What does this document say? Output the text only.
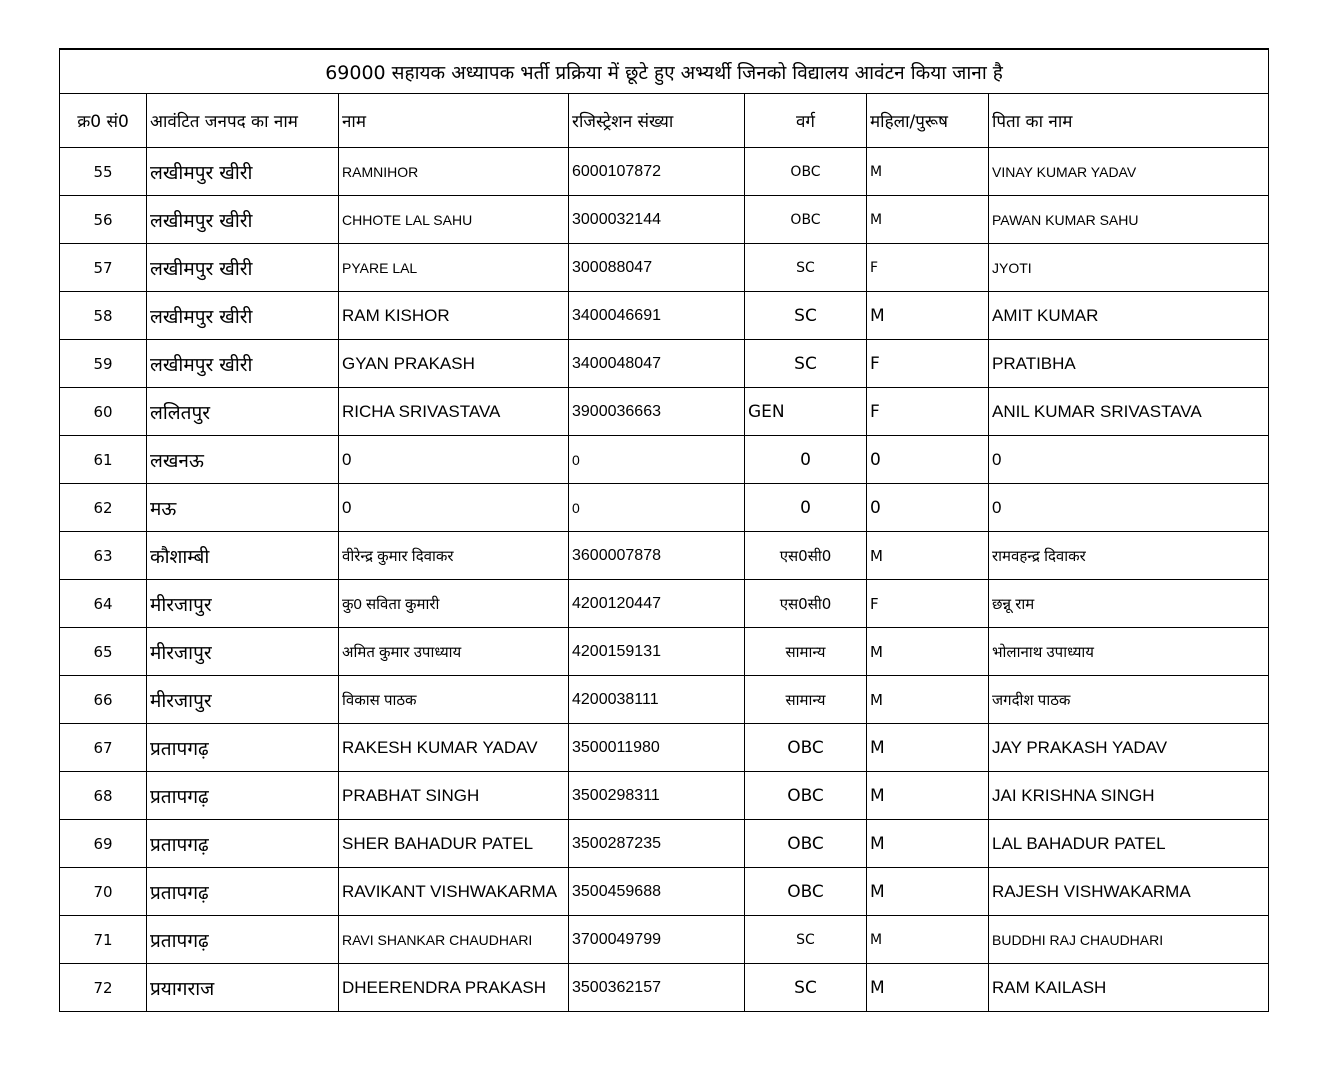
69000 सहायक अध्यापक भर्ती प्रक्रिया में छूटे हुए अभ्यर्थी जिनको विद्यालय आवंटन किया जाना है						
क्र0 सं0	आवंटित जनपद का नाम	नाम	रजिस्ट्रेशन संख्या	वर्ग	महिला/पुरूष	पिता का नाम
55	लखीमपुर खीरी	RAMNIHOR	6000107872	OBC	M	VINAY KUMAR YADAV
56	लखीमपुर खीरी	CHHOTE LAL SAHU	3000032144	OBC	M	PAWAN KUMAR SAHU
57	लखीमपुर खीरी	PYARE LAL	300088047	SC	F	JYOTI
58	लखीमपुर खीरी	RAM KISHOR	3400046691	SC	M	AMIT KUMAR
59	लखीमपुर खीरी	GYAN PRAKASH	3400048047	SC	F	PRATIBHA
60	ललितपुर	RICHA SRIVASTAVA	3900036663	GEN	F	ANIL KUMAR SRIVASTAVA
61	लखनऊ	0	0	0	0	0
62	मऊ	0	0	0	0	0
63	कौशाम्बी	वीरेन्द्र कुमार दिवाकर	3600007878	एस0सी0	M	रामवहन्द्र दिवाकर
64	मीरजापुर	कु0 सविता कुमारी	4200120447	एस0सी0	F	छन्नू राम
65	मीरजापुर	अमित कुमार उपाध्याय	4200159131	सामान्य	M	भोलानाथ उपाध्याय
66	मीरजापुर	विकास पाठक	4200038111	सामान्य	M	जगदीश पाठक
67	प्रतापगढ़	RAKESH KUMAR YADAV	3500011980	OBC	M	JAY PRAKASH YADAV
68	प्रतापगढ़	PRABHAT SINGH	3500298311	OBC	M	JAI KRISHNA SINGH
69	प्रतापगढ़	SHER BAHADUR PATEL	3500287235	OBC	M	LAL BAHADUR PATEL
70	प्रतापगढ़	RAVIKANT VISHWAKARMA	3500459688	OBC	M	RAJESH VISHWAKARMA
71	प्रतापगढ़	RAVI SHANKAR CHAUDHARI	3700049799	SC	M	BUDDHI RAJ CHAUDHARI
72	प्रयागराज	DHEERENDRA PRAKASH	3500362157	SC	M	RAM KAILASH
